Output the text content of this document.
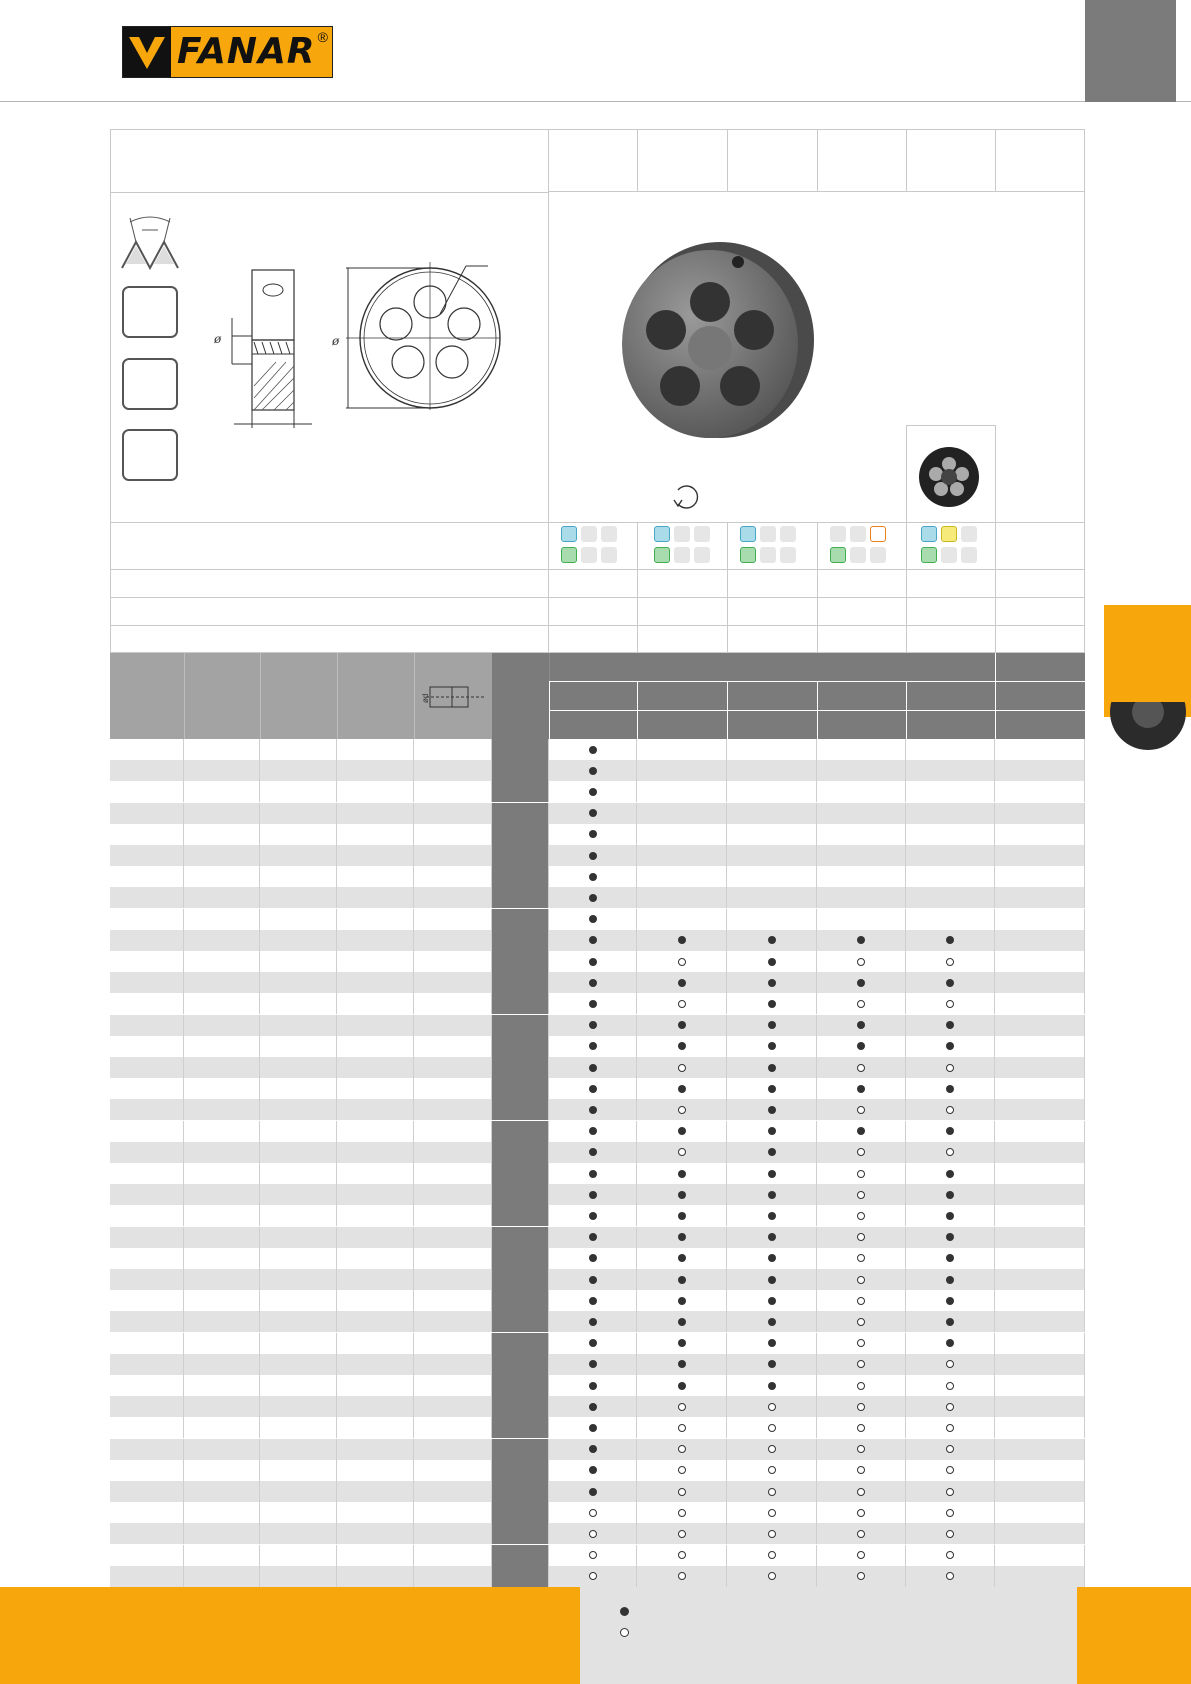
FANAR ®
ø	ø
ød
